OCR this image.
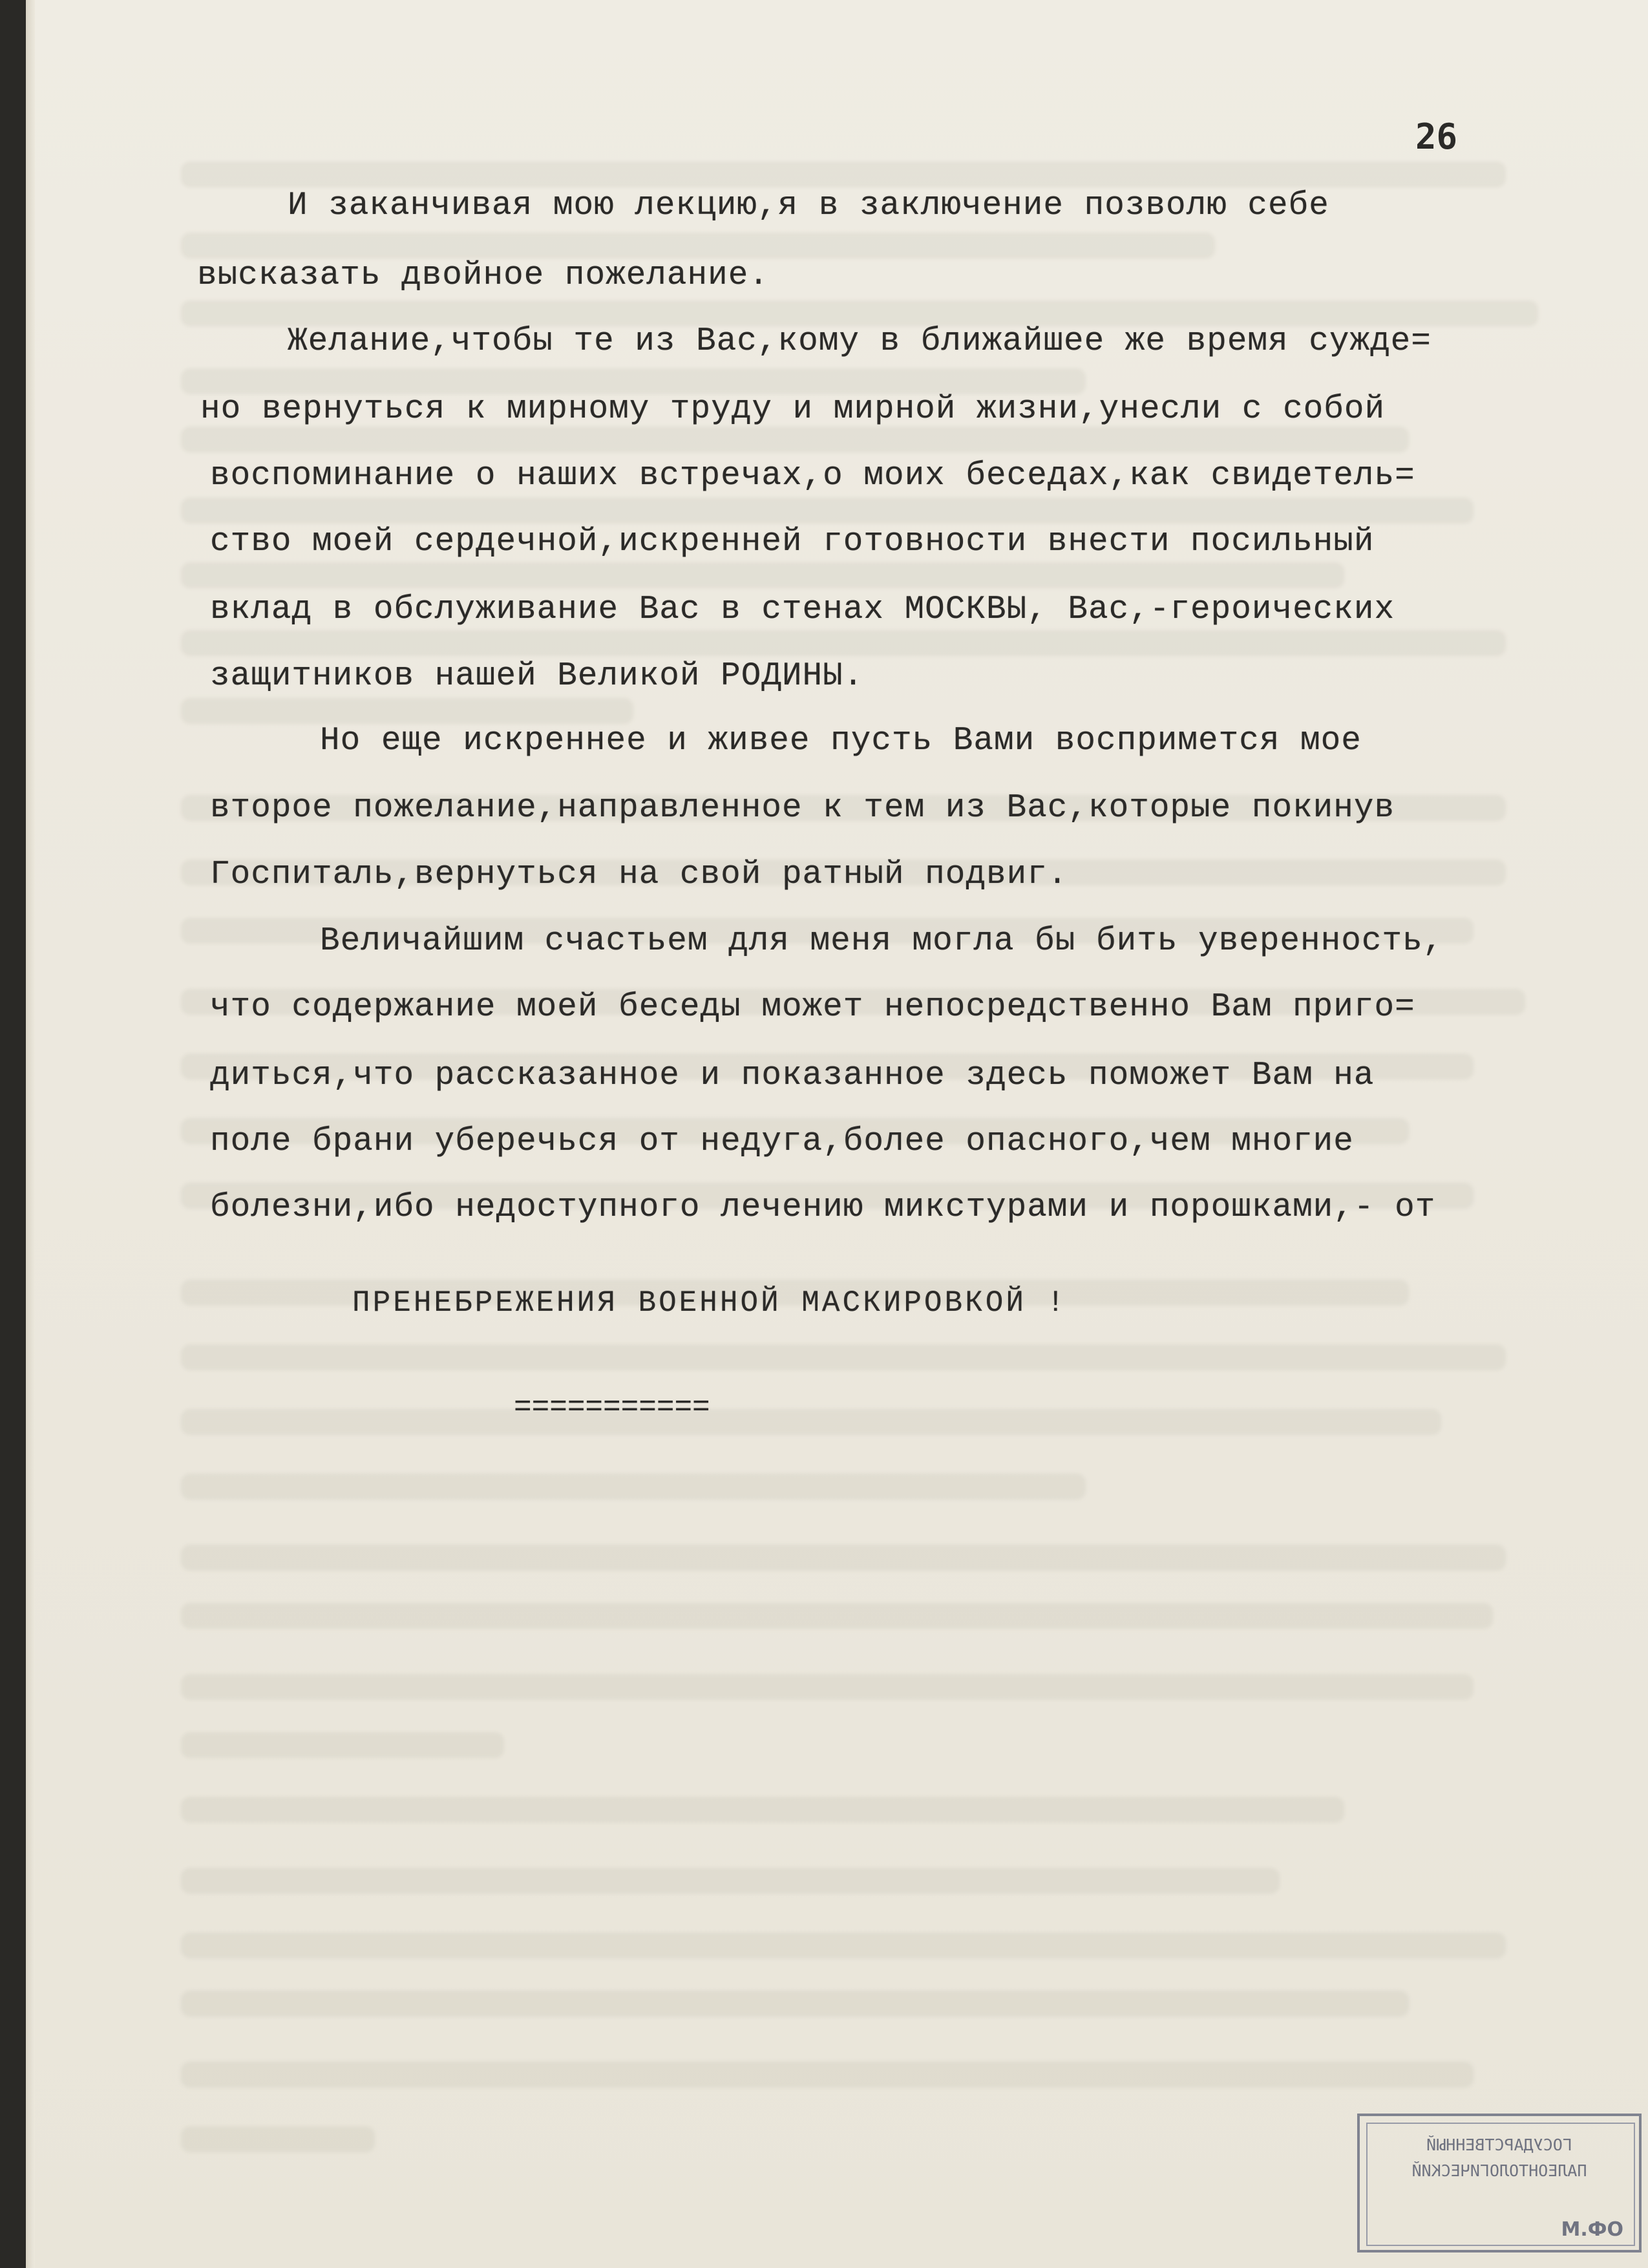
26
И заканчивая мою лекцию,я в заключение позволю себе
высказать двойное пожелание.
Желание,чтобы те из Вас,кому в ближайшее же время сужде=
но вернуться к мирному труду и мирной жизни,унесли с собой
воспоминание о наших встречах,о моих беседах,как свидетель=
ство моей сердечной,искренней готовности внести посильный
вклад в обслуживание Вас в стенах МОСКВЫ, Вас,-героических
защитников нашей Великой РОДИНЫ.
Но еще искреннее и живее пусть Вами воспримется мое
второе пожелание,направленное к тем из Вас,которые покинув
Госпиталь,вернуться на свой ратный подвиг.
Величайшим счастьем для меня могла бы бить уверенность,
что содержание моей беседы может непосредственно Вам приго=
диться,что рассказанное и показанное здесь поможет Вам на
поле брани уберечься от недуга,более опасного,чем многие
болезни,ибо недоступного лечению микстурами и порошками,- от
ПРЕНЕБРЕЖЕНИЯ ВОЕННОЙ МАСКИРОВКОЙ !
===========
ГОСУДАРСТВЕННЫЙ
ПАЛЕОНТОЛОГИЧЕСКИЙ
М.ФО
